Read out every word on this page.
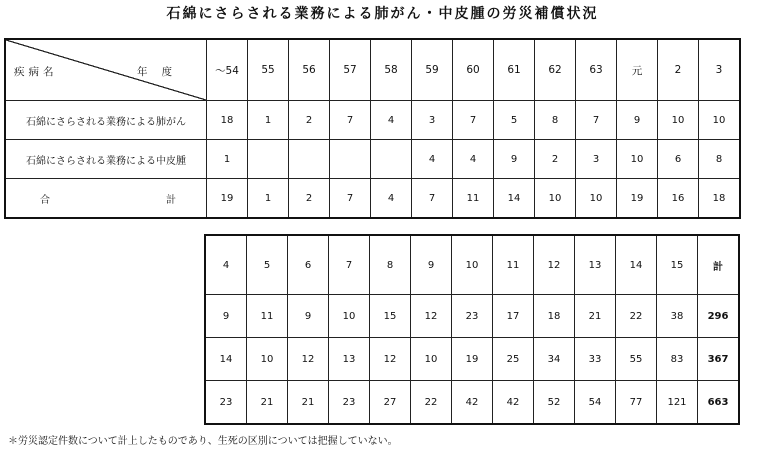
石綿にさらされる業務による肺がん・中皮腫の労災補償状況
疾病名 年度	～54	55	56	57	58	59	60	61	62	63	元	2	3
石綿にさらされる業務による肺がん	18	1	2	7	4	3	7	5	8	7	9	10	10
石綿にさらされる業務による中皮腫	1					4	4	9	2	3	10	6	8

合 計	19	1	2	7	4	7	11	14	10	10	19	16	18
4	5	6	7	8	9	10	11	12	13	14	15	計
9	11	9	10	15	12	23	17	18	21	22	38	296
14	10	12	13	12	10	19	25	34	33	55	83	367
23	21	21	23	27	22	42	42	52	54	77	121	663
＊労災認定件数について計上したものであり、生死の区別については把握していない。
